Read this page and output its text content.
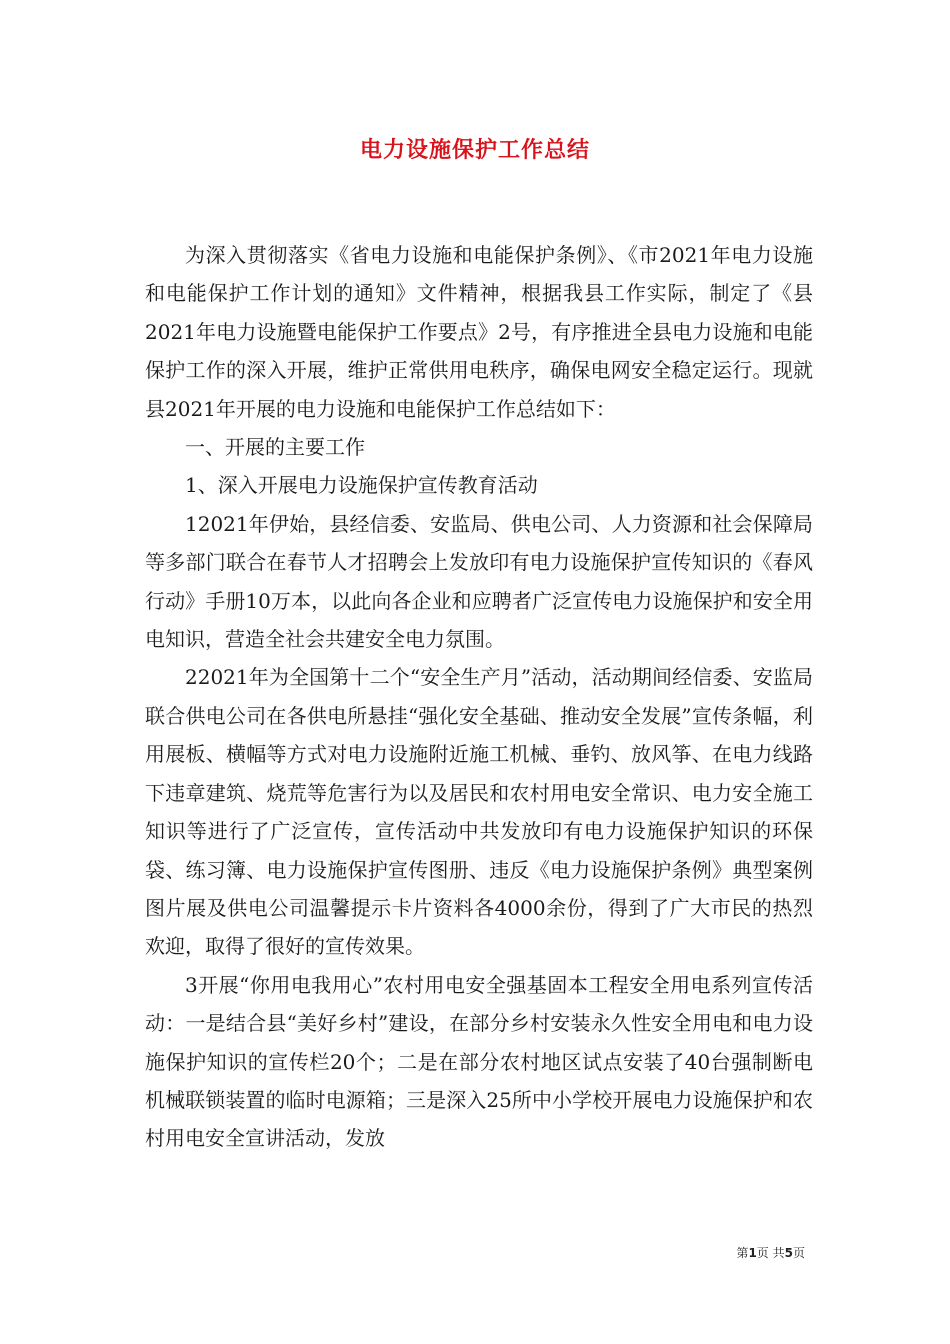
电力设施保护工作总结

为深入贯彻落实《省电力设施和电能保护条例》、《市2021年电力设施和电能保护工作计划的通知》文件精神，根据我县工作实际，制定了《县2021年电力设施暨电能保护工作要点》2号，有序推进全县电力设施和电能保护工作的深入开展，维护正常供用电秩序，确保电网安全稳定运行。现就县2021年开展的电力设施和电能保护工作总结如下：

一、开展的主要工作

1、深入开展电力设施保护宣传教育活动

12021年伊始，县经信委、安监局、供电公司、人力资源和社会保障局等多部门联合在春节人才招聘会上发放印有电力设施保护宣传知识的《春风行动》手册10万本，以此向各企业和应聘者广泛宣传电力设施保护和安全用电知识，营造全社会共建安全电力氛围。

22021年为全国第十二个“安全生产月”活动，活动期间经信委、安监局联合供电公司在各供电所悬挂“强化安全基础、推动安全发展”宣传条幅，利用展板、横幅等方式对电力设施附近施工机械、垂钓、放风筝、在电力线路下违章建筑、烧荒等危害行为以及居民和农村用电安全常识、电力安全施工知识等进行了广泛宣传，宣传活动中共发放印有电力设施保护知识的环保袋、练习簿、电力设施保护宣传图册、违反《电力设施保护条例》典型案例图片展及供电公司温馨提示卡片资料各4000余份，得到了广大市民的热烈欢迎，取得了很好的宣传效果。

3开展“你用电我用心”农村用电安全强基固本工程安全用电系列宣传活动：一是结合县“美好乡村”建设，在部分乡村安装永久性安全用电和电力设施保护知识的宣传栏20个；二是在部分农村地区试点安装了40台强制断电机械联锁装置的临时电源箱；三是深入25所中小学校开展电力设施保护和农村用电安全宣讲活动，发放

第1页 共5页
